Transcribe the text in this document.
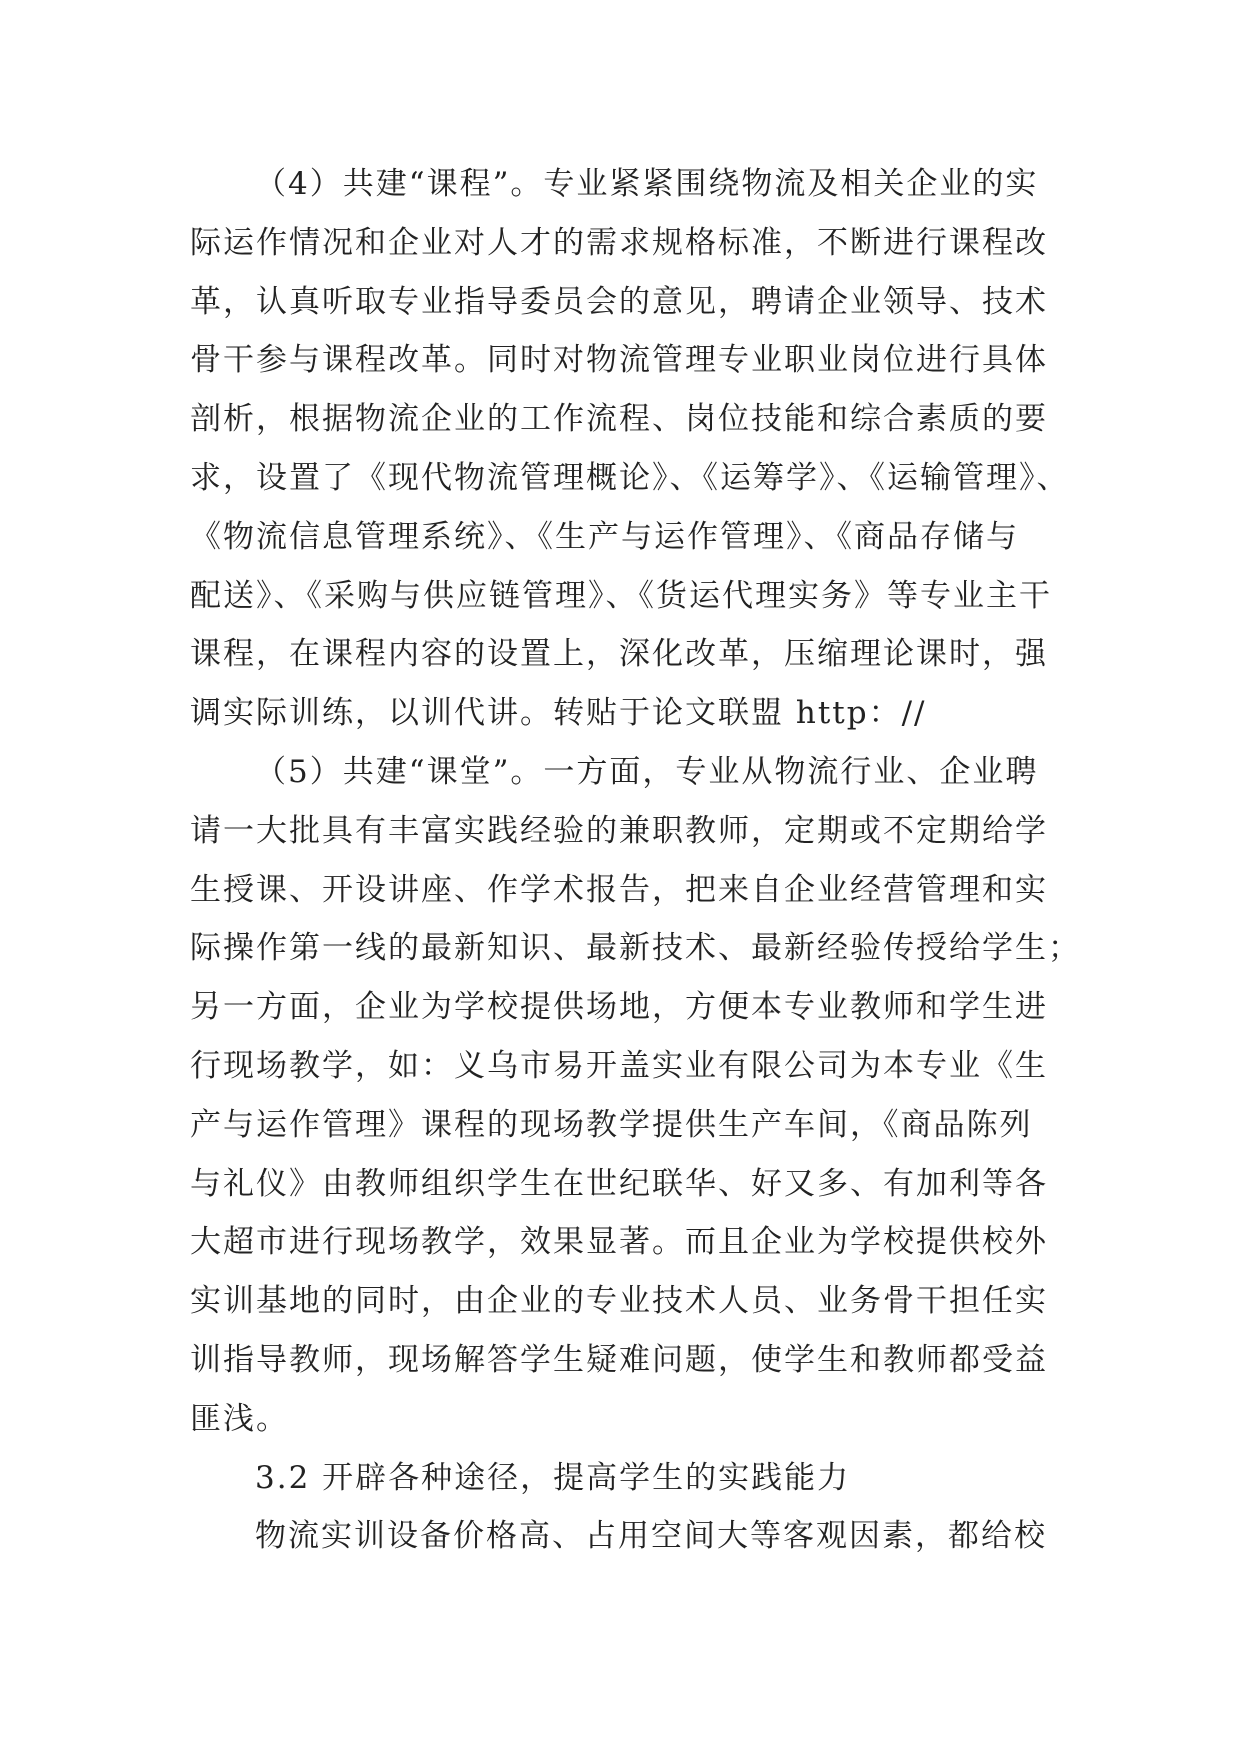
（4）共建“课程”。专业紧紧围绕物流及相关企业的实
际运作情况和企业对人才的需求规格标准，不断进行课程改
革，认真听取专业指导委员会的意见，聘请企业领导、技术
骨干参与课程改革。同时对物流管理专业职业岗位进行具体
剖析，根据物流企业的工作流程、岗位技能和综合素质的要
求，设置了《现代物流管理概论》、《运筹学》、《运输管理》、
《物流信息管理系统》、《生产与运作管理》、《商品存储与
配送》、《采购与供应链管理》、《货运代理实务》等专业主干
课程，在课程内容的设置上，深化改革，压缩理论课时，强
调实际训练，以训代讲。转贴于论文联盟 http：//
（5）共建“课堂”。一方面，专业从物流行业、企业聘
请一大批具有丰富实践经验的兼职教师，定期或不定期给学
生授课、开设讲座、作学术报告，把来自企业经营管理和实
际操作第一线的最新知识、最新技术、最新经验传授给学生；
另一方面，企业为学校提供场地，方便本专业教师和学生进
行现场教学，如：义乌市易开盖实业有限公司为本专业《生
产与运作管理》课程的现场教学提供生产车间，《商品陈列
与礼仪》由教师组织学生在世纪联华、好又多、有加利等各
大超市进行现场教学，效果显著。而且企业为学校提供校外
实训基地的同时，由企业的专业技术人员、业务骨干担任实
训指导教师，现场解答学生疑难问题，使学生和教师都受益
匪浅。
3.2 开辟各种途径，提高学生的实践能力
物流实训设备价格高、占用空间大等客观因素，都给校
